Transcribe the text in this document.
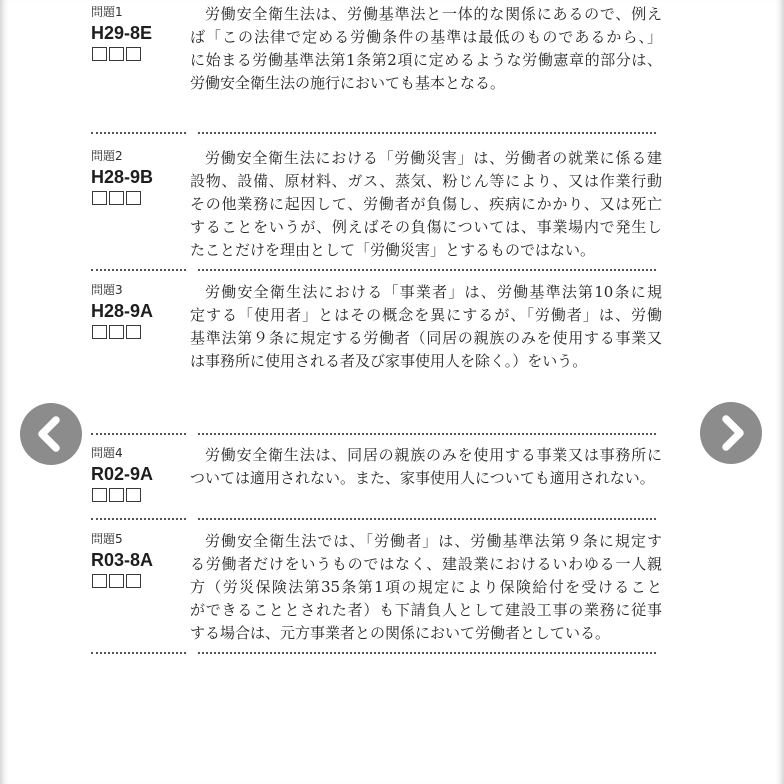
問題1
H29-8E
労働安全衛生法は、労働基準法と一体的な関係にあるので、例え
ば「この法律で定める労働条件の基準は最低のものであるから、」
に始まる労働基準法第1条第2項に定めるような労働憲章的部分は、
労働安全衛生法の施行においても基本となる。
問題2
H28-9B
労働安全衛生法における「労働災害」は、労働者の就業に係る建
設物、設備、原材料、ガス、蒸気、粉じん等により、又は作業行動
その他業務に起因して、労働者が負傷し、疾病にかかり、又は死亡
することをいうが、例えばその負傷については、事業場内で発生し
たことだけを理由として「労働災害」とするものではない。
問題3
H28-9A
労働安全衛生法における「事業者」は、労働基準法第10条に規
定する「使用者」とはその概念を異にするが、「労働者」は、労働
基準法第９条に規定する労働者（同居の親族のみを使用する事業又
は事務所に使用される者及び家事使用人を除く。）をいう。
問題4
R02-9A
労働安全衛生法は、同居の親族のみを使用する事業又は事務所に
ついては適用されない。また、家事使用人についても適用されない。
問題5
R03-8A
労働安全衛生法では、「労働者」は、労働基準法第９条に規定す
る労働者だけをいうものではなく、建設業におけるいわゆる一人親
方（労災保険法第35条第1項の規定により保険給付を受けること
ができることとされた者）も下請負人として建設工事の業務に従事
する場合は、元方事業者との関係において労働者としている。
